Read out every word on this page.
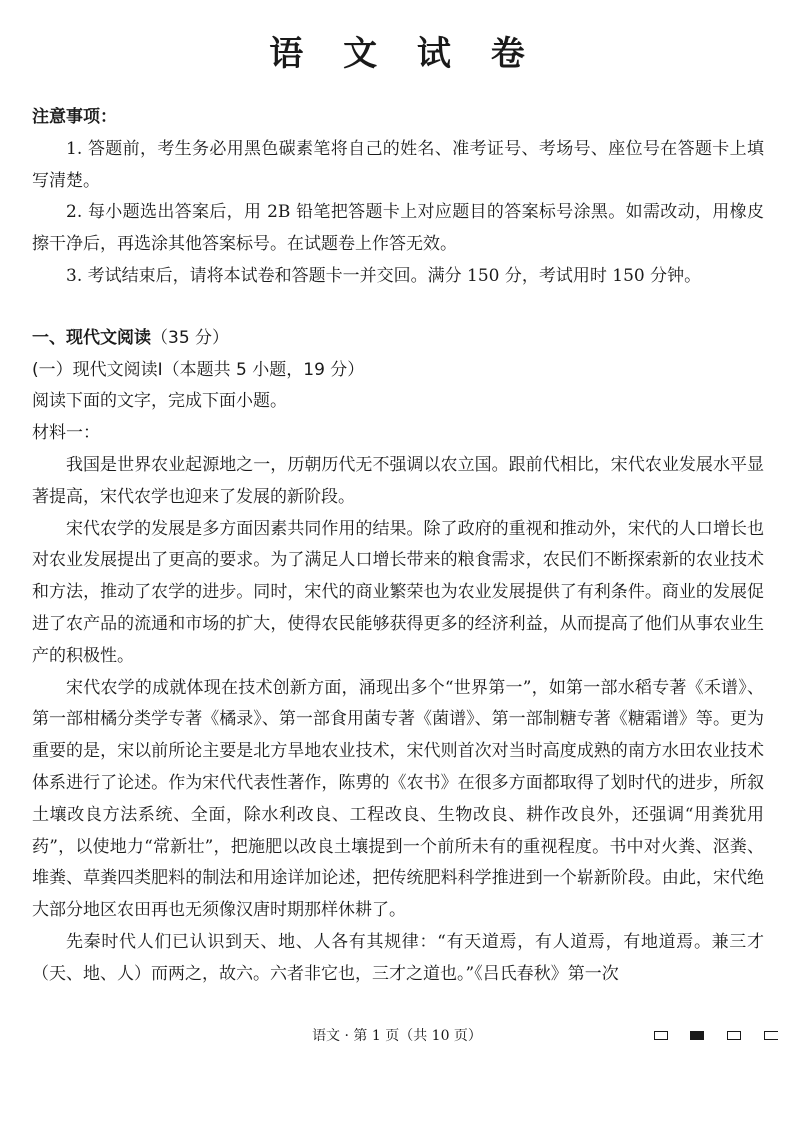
语 文 试 卷

注意事项：

1. 答题前，考生务必用黑色碳素笔将自己的姓名、准考证号、考场号、座位号在答题卡上填写清楚。

2. 每小题选出答案后，用 2B 铅笔把答题卡上对应题目的答案标号涂黑。如需改动，用橡皮擦干净后，再选涂其他答案标号。在试题卷上作答无效。

3. 考试结束后，请将本试卷和答题卡一并交回。满分 150 分，考试用时 150 分钟。

一、现代文阅读（35 分）

(一）现代文阅读Ⅰ（本题共 5 小题，19 分）

阅读下面的文字，完成下面小题。

材料一：

我国是世界农业起源地之一，历朝历代无不强调以农立国。跟前代相比，宋代农业发展水平显著提高，宋代农学也迎来了发展的新阶段。

宋代农学的发展是多方面因素共同作用的结果。除了政府的重视和推动外，宋代的人口增长也对农业发展提出了更高的要求。为了满足人口增长带来的粮食需求，农民们不断探索新的农业技术和方法，推动了农学的进步。同时，宋代的商业繁荣也为农业发展提供了有利条件。商业的发展促进了农产品的流通和市场的扩大，使得农民能够获得更多的经济利益，从而提高了他们从事农业生产的积极性。

宋代农学的成就体现在技术创新方面，涌现出多个“世界第一”，如第一部水稻专著《禾谱》、第一部柑橘分类学专著《橘录》、第一部食用菌专著《菌谱》、第一部制糖专著《糖霜谱》等。更为重要的是，宋以前所论主要是北方旱地农业技术，宋代则首次对当时高度成熟的南方水田农业技术体系进行了论述。作为宋代代表性著作，陈旉的《农书》在很多方面都取得了划时代的进步，所叙土壤改良方法系统、全面，除水利改良、工程改良、生物改良、耕作改良外，还强调“用粪犹用药”，以使地力“常新壮”，把施肥以改良土壤提到一个前所未有的重视程度。书中对火粪、沤粪、堆粪、草粪四类肥料的制法和用途详加论述，把传统肥料科学推进到一个崭新阶段。由此，宋代绝大部分地区农田再也无须像汉唐时期那样休耕了。

先秦时代人们已认识到天、地、人各有其规律：“有天道焉，有人道焉，有地道焉。兼三才（天、地、人）而两之，故六。六者非它也，三才之道也。”《吕氏春秋》第一次

语文 · 第 1 页（共 10 页）
